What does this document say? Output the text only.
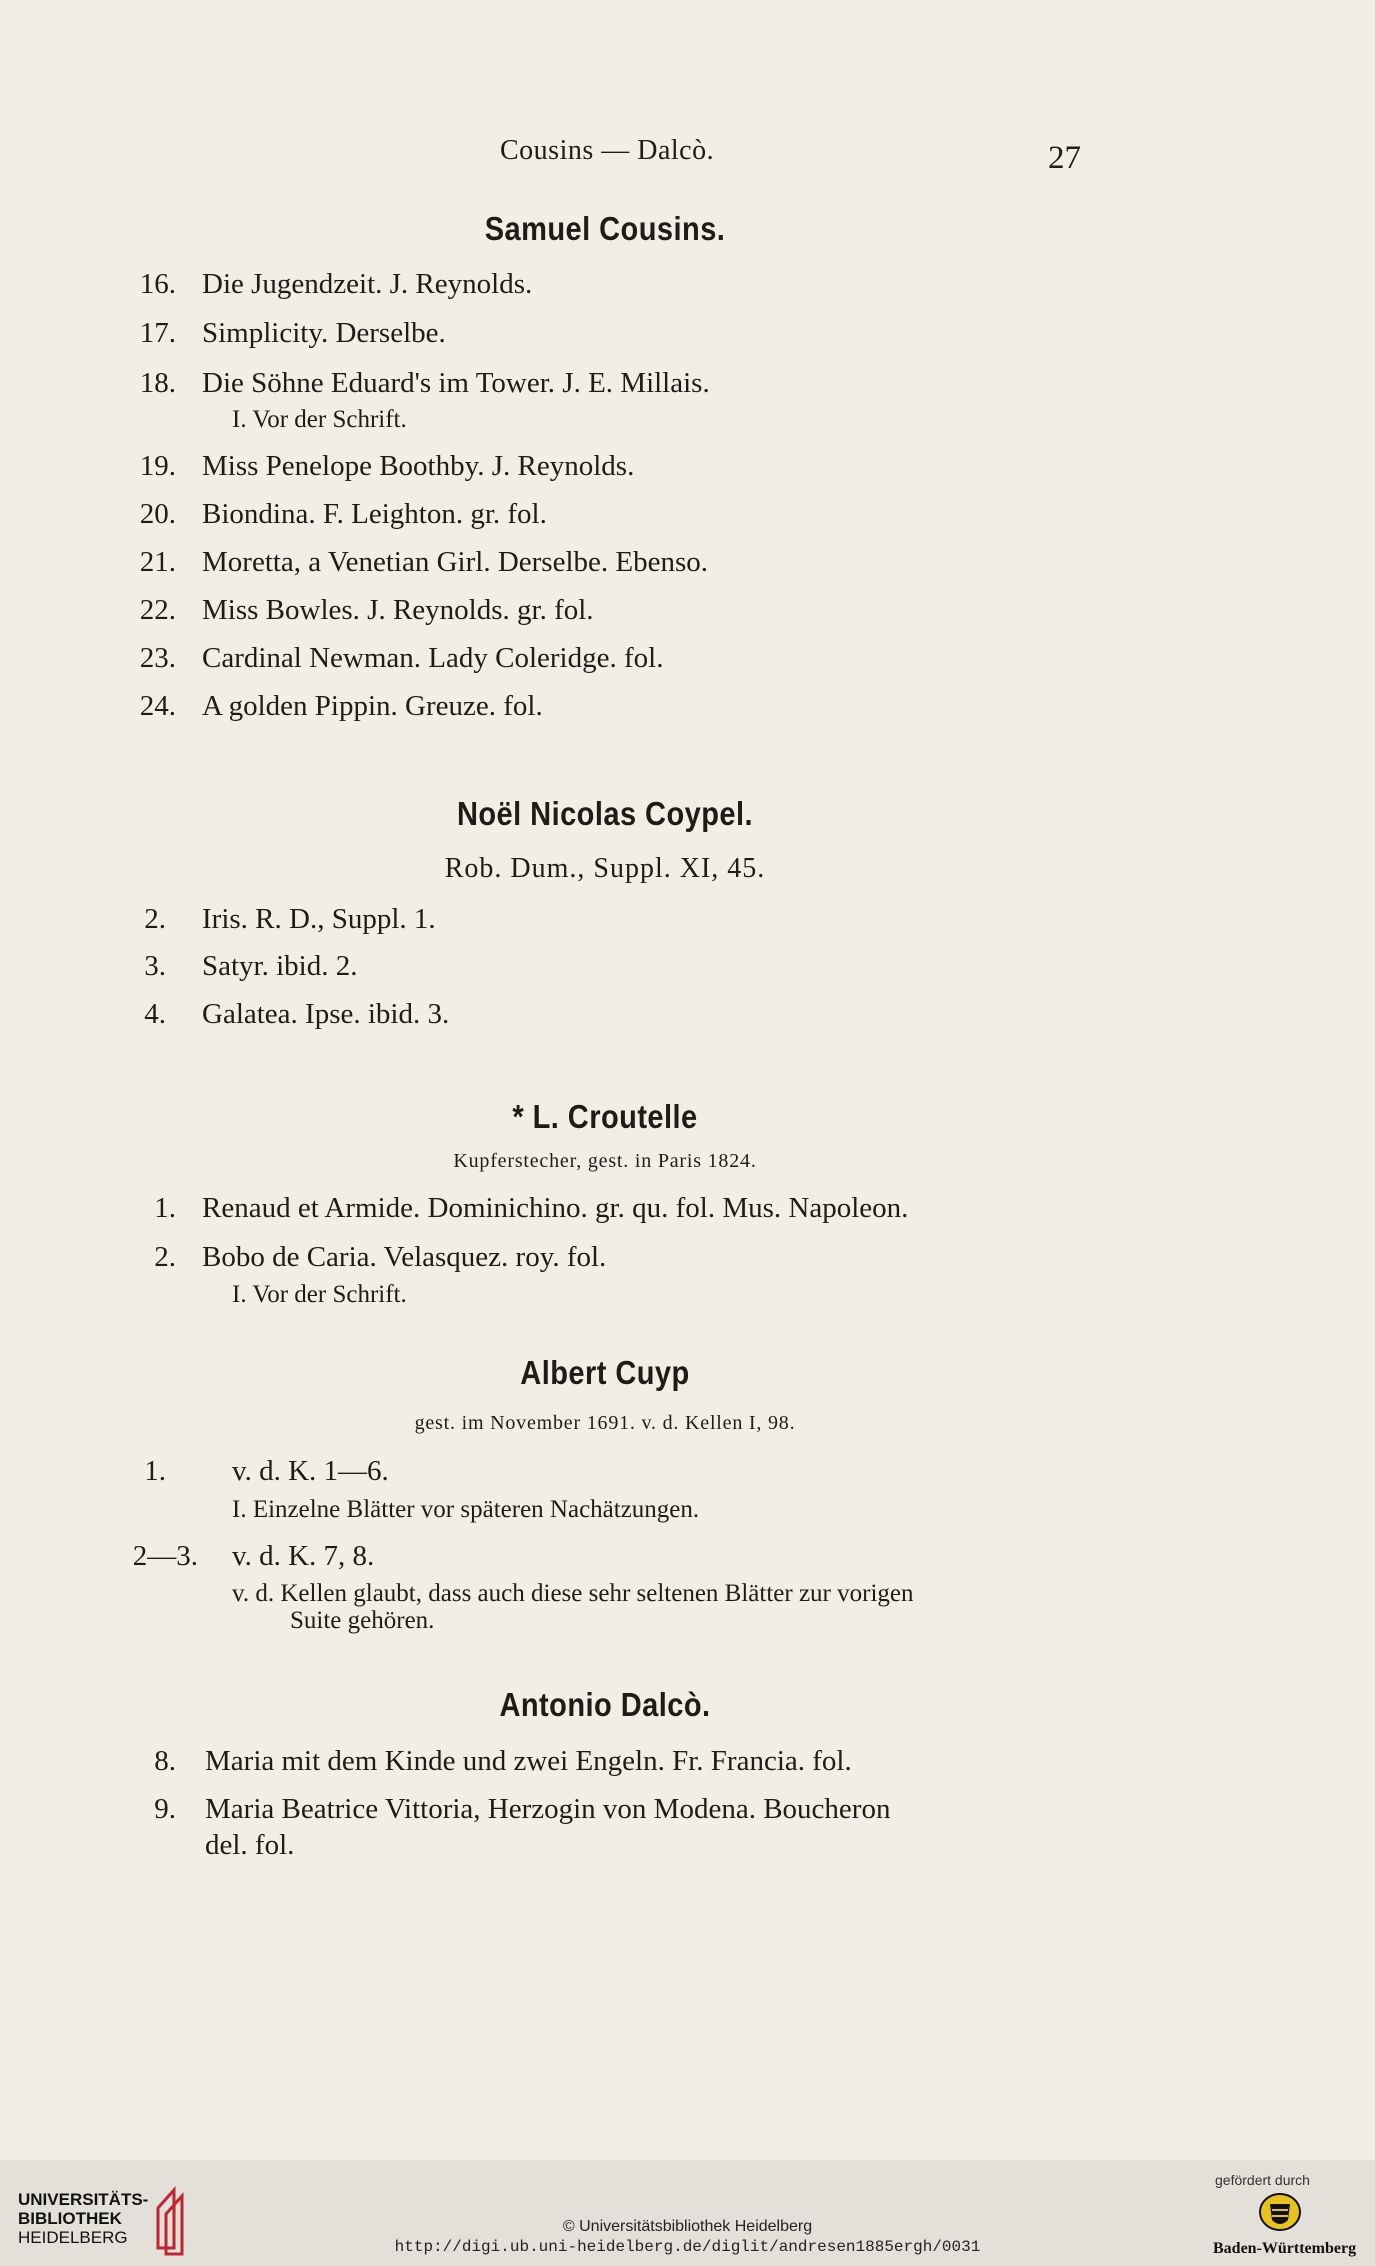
Cousins — Dalcò.	27
Samuel Cousins.
16. Die Jugendzeit. J. Reynolds.
17. Simplicity. Derselbe.
18. Die Söhne Eduard's im Tower. J. E. Millais.
I. Vor der Schrift.
19. Miss Penelope Boothby. J. Reynolds.
20. Biondina. F. Leighton. gr. fol.
21. Moretta, a Venetian Girl. Derselbe. Ebenso.
22. Miss Bowles. J. Reynolds. gr. fol.
23. Cardinal Newman. Lady Coleridge. fol.
24. A golden Pippin. Greuze. fol.
Noël Nicolas Coypel.
Rob. Dum., Suppl. XI, 45.
2. Iris. R. D., Suppl. 1.
3. Satyr. ibid. 2.
4. Galatea. Ipse. ibid. 3.
* L. Croutelle
Kupferstecher, gest. in Paris 1824.
1. Renaud et Armide. Dominichino. gr. qu. fol. Mus. Napoleon.
2. Bobo de Caria. Velasquez. roy. fol.
I. Vor der Schrift.
Albert Cuyp
gest. im November 1691. v. d. Kellen I, 98.
1. v. d. K. 1—6.
I. Einzelne Blätter vor späteren Nachätzungen.
2—3. v. d. K. 7, 8.
v. d. Kellen glaubt, dass auch diese sehr seltenen Blätter zur vorigen
Suite gehören.
Antonio Dalcò.
8. Maria mit dem Kinde und zwei Engeln. Fr. Francia. fol.
9. Maria Beatrice Vittoria, Herzogin von Modena. Boucheron
del. fol.
UNIVERSITÄTS-
BIBLIOTHEK
HEIDELBERG
© Universitätsbibliothek Heidelberg
http://digi.ub.uni-heidelberg.de/diglit/andresen1885ergh/0031
gefördert durch
Baden-Württemberg
